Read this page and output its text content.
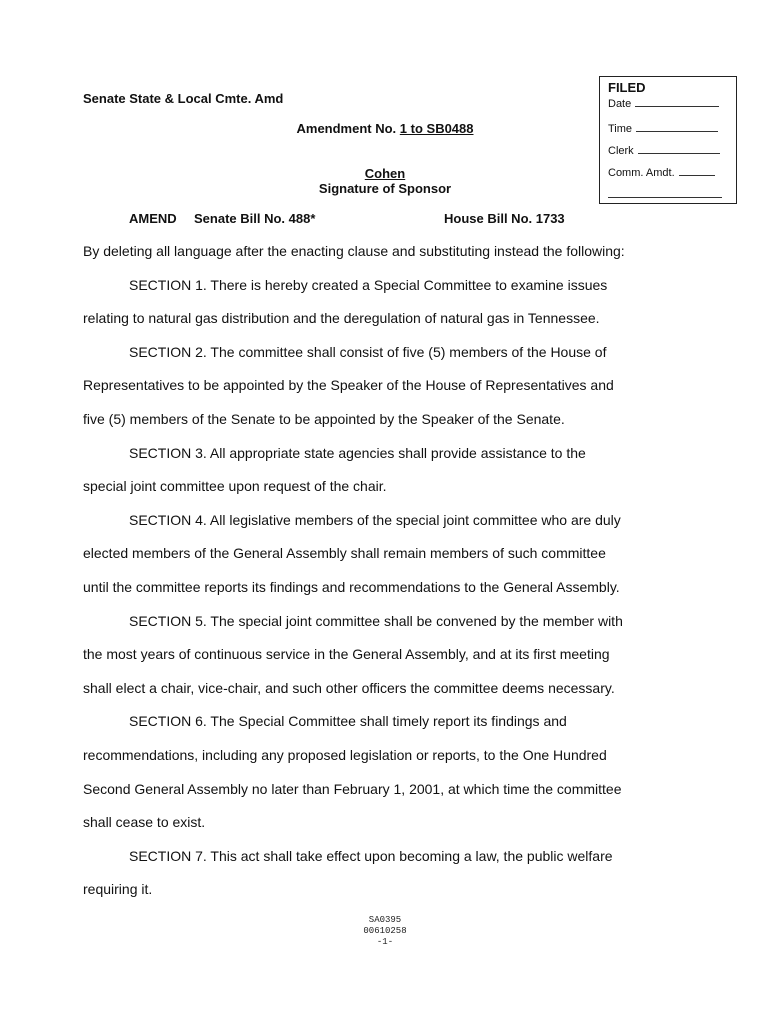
Senate State & Local Cmte. Amd
Amendment No. 1 to SB0488
Cohen
Signature of Sponsor
AMEND Senate Bill No. 488*	House Bill No. 1733
FILED
Date
Time
Clerk
Comm. Amdt.
By deleting all language after the enacting clause and substituting instead the following:
SECTION 1. There is hereby created a Special Committee to examine issues
relating to natural gas distribution and the deregulation of natural gas in Tennessee.
SECTION 2. The committee shall consist of five (5) members of the House of
Representatives to be appointed by the Speaker of the House of Representatives and
five (5) members of the Senate to be appointed by the Speaker of the Senate.
SECTION 3. All appropriate state agencies shall provide assistance to the
special joint committee upon request of the chair.
SECTION 4. All legislative members of the special joint committee who are duly
elected members of the General Assembly shall remain members of such committee
until the committee reports its findings and recommendations to the General Assembly.
SECTION 5. The special joint committee shall be convened by the member with
the most years of continuous service in the General Assembly, and at its first meeting
shall elect a chair, vice-chair, and such other officers the committee deems necessary.
SECTION 6. The Special Committee shall timely report its findings and
recommendations, including any proposed legislation or reports, to the One Hundred
Second General Assembly no later than February 1, 2001, at which time the committee
shall cease to exist.
SECTION 7. This act shall take effect upon becoming a law, the public welfare
requiring it.
SA0395
00610258
-1-
